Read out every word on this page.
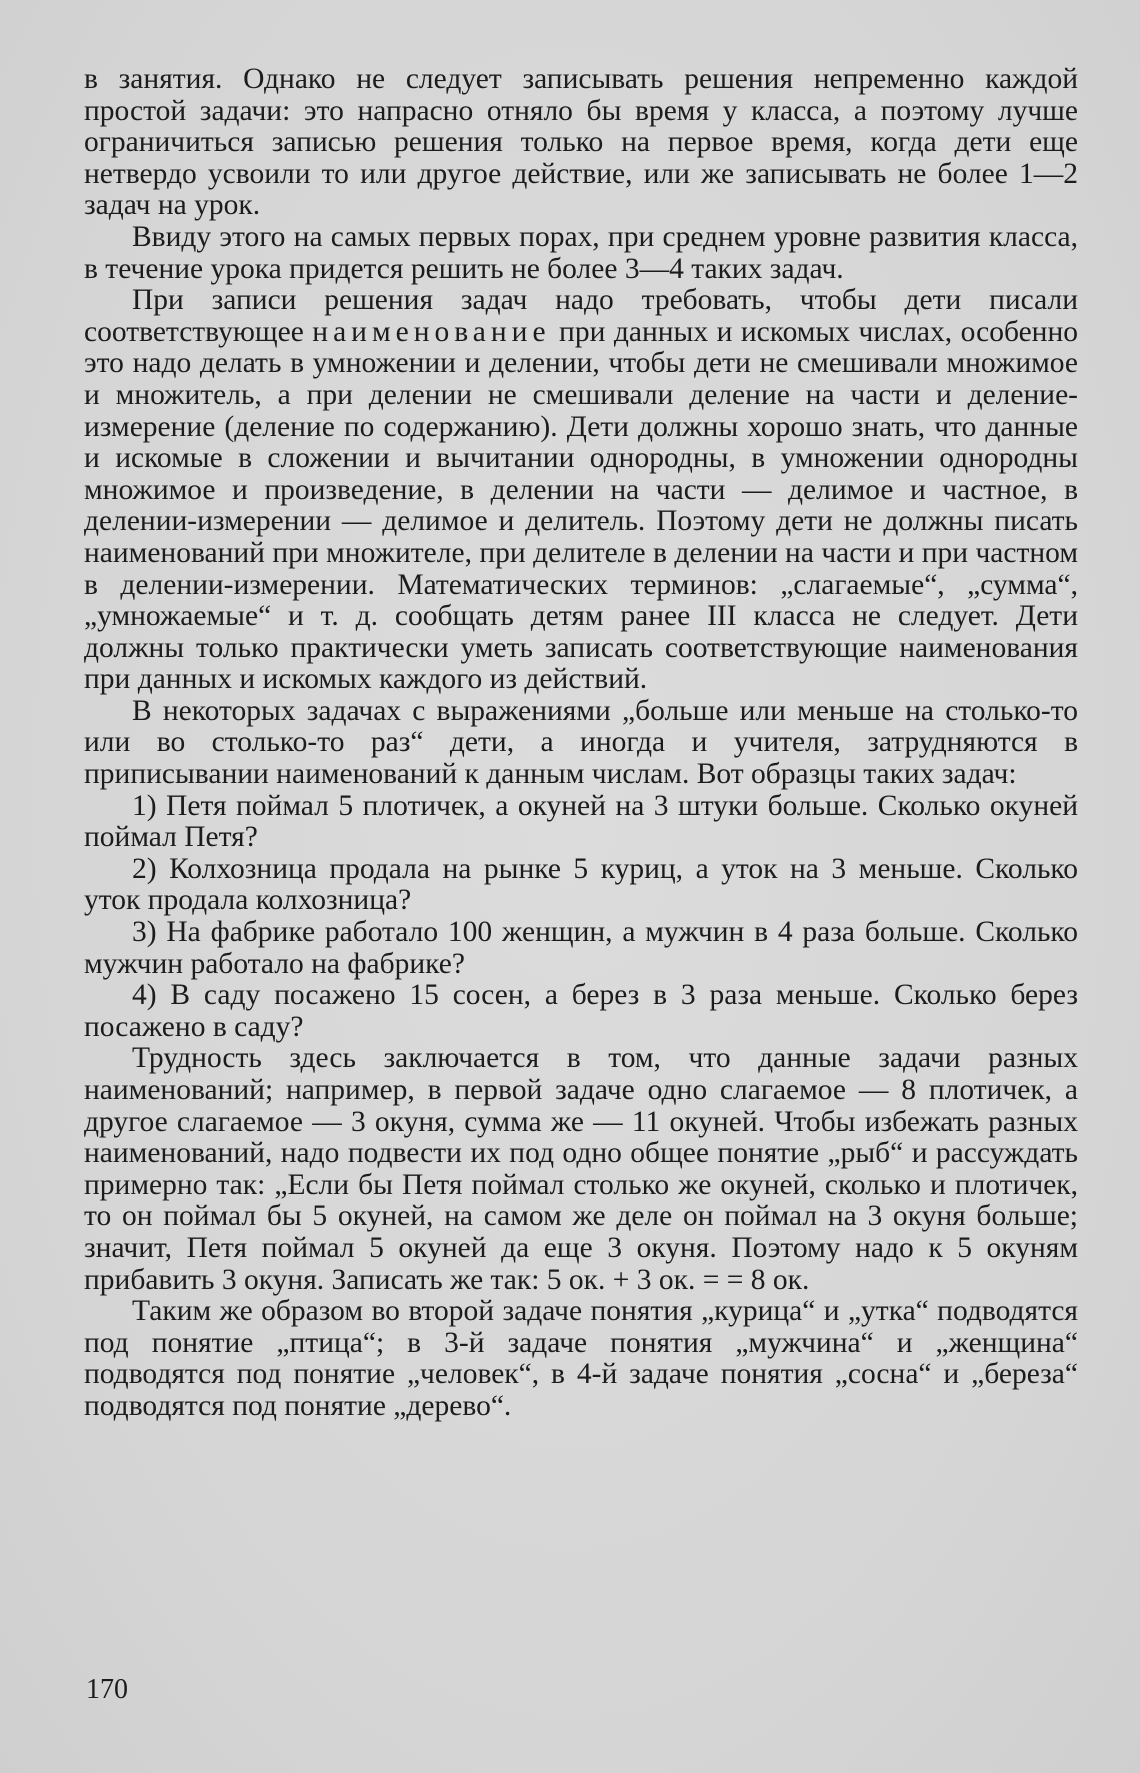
в занятия. Однако не следует записывать решения непременно каждой простой задачи: это напрасно отняло бы время у класса, а поэтому лучше ограничиться записью решения только на первое время, когда дети еще нетвердо усвоили то или другое действие, или же записывать не более 1—2 задач на урок.

Ввиду этого на самых первых порах, при среднем уровне развития класса, в течение урока придется решить не более 3—4 таких задач.

При записи решения задач надо требовать, чтобы дети писали соответствующее наименование при данных и искомых числах, особенно это надо делать в умножении и делении, чтобы дети не смешивали множимое и множитель, а при делении не смешивали деление на части и деление-измерение (деление по содержанию). Дети должны хорошо знать, что данные и искомые в сложении и вычитании однородны, в умножении однородны множимое и произведение, в делении на части — делимое и частное, в делении-измерении — делимое и делитель. Поэтому дети не должны писать наименований при множителе, при делителе в делении на части и при частном в делении-измерении. Математических терминов: „слагаемые“, „сумма“, „умножаемые“ и т. д. сообщать детям ранее III класса не следует. Дети должны только практически уметь записать соответствующие наименования при данных и искомых каждого из действий.

В некоторых задачах с выражениями „больше или меньше на столько-то или во столько-то раз“ дети, а иногда и учителя, затрудняются в приписывании наименований к данным числам. Вот образцы таких задач:

1) Петя поймал 5 плотичек, а окуней на 3 штуки больше. Сколько окуней поймал Петя?

2) Колхозница продала на рынке 5 куриц, а уток на 3 меньше. Сколько уток продала колхозница?

3) На фабрике работало 100 женщин, а мужчин в 4 раза больше. Сколько мужчин работало на фабрике?

4) В саду посажено 15 сосен, а берез в 3 раза меньше. Сколько берез посажено в саду?

Трудность здесь заключается в том, что данные задачи разных наименований; например, в первой задаче одно слагаемое — 8 плотичек, а другое слагаемое — 3 окуня, сумма же — 11 окуней. Чтобы избежать разных наименований, надо подвести их под одно общее понятие „рыб“ и рассуждать примерно так: „Если бы Петя поймал столько же окуней, сколько и плотичек, то он поймал бы 5 окуней, на самом же деле он поймал на 3 окуня больше; значит, Петя поймал 5 окуней да еще 3 окуня. Поэтому надо к 5 окуням прибавить 3 окуня. Записать же так: 5 ок. + 3 ок. = = 8 ок.

Таким же образом во второй задаче понятия „курица“ и „утка“ подводятся под понятие „птица“; в 3-й задаче понятия „мужчина“ и „женщина“ подводятся под понятие „человек“, в 4-й задаче понятия „сосна“ и „береза“ подводятся под понятие „дерево“.

170
